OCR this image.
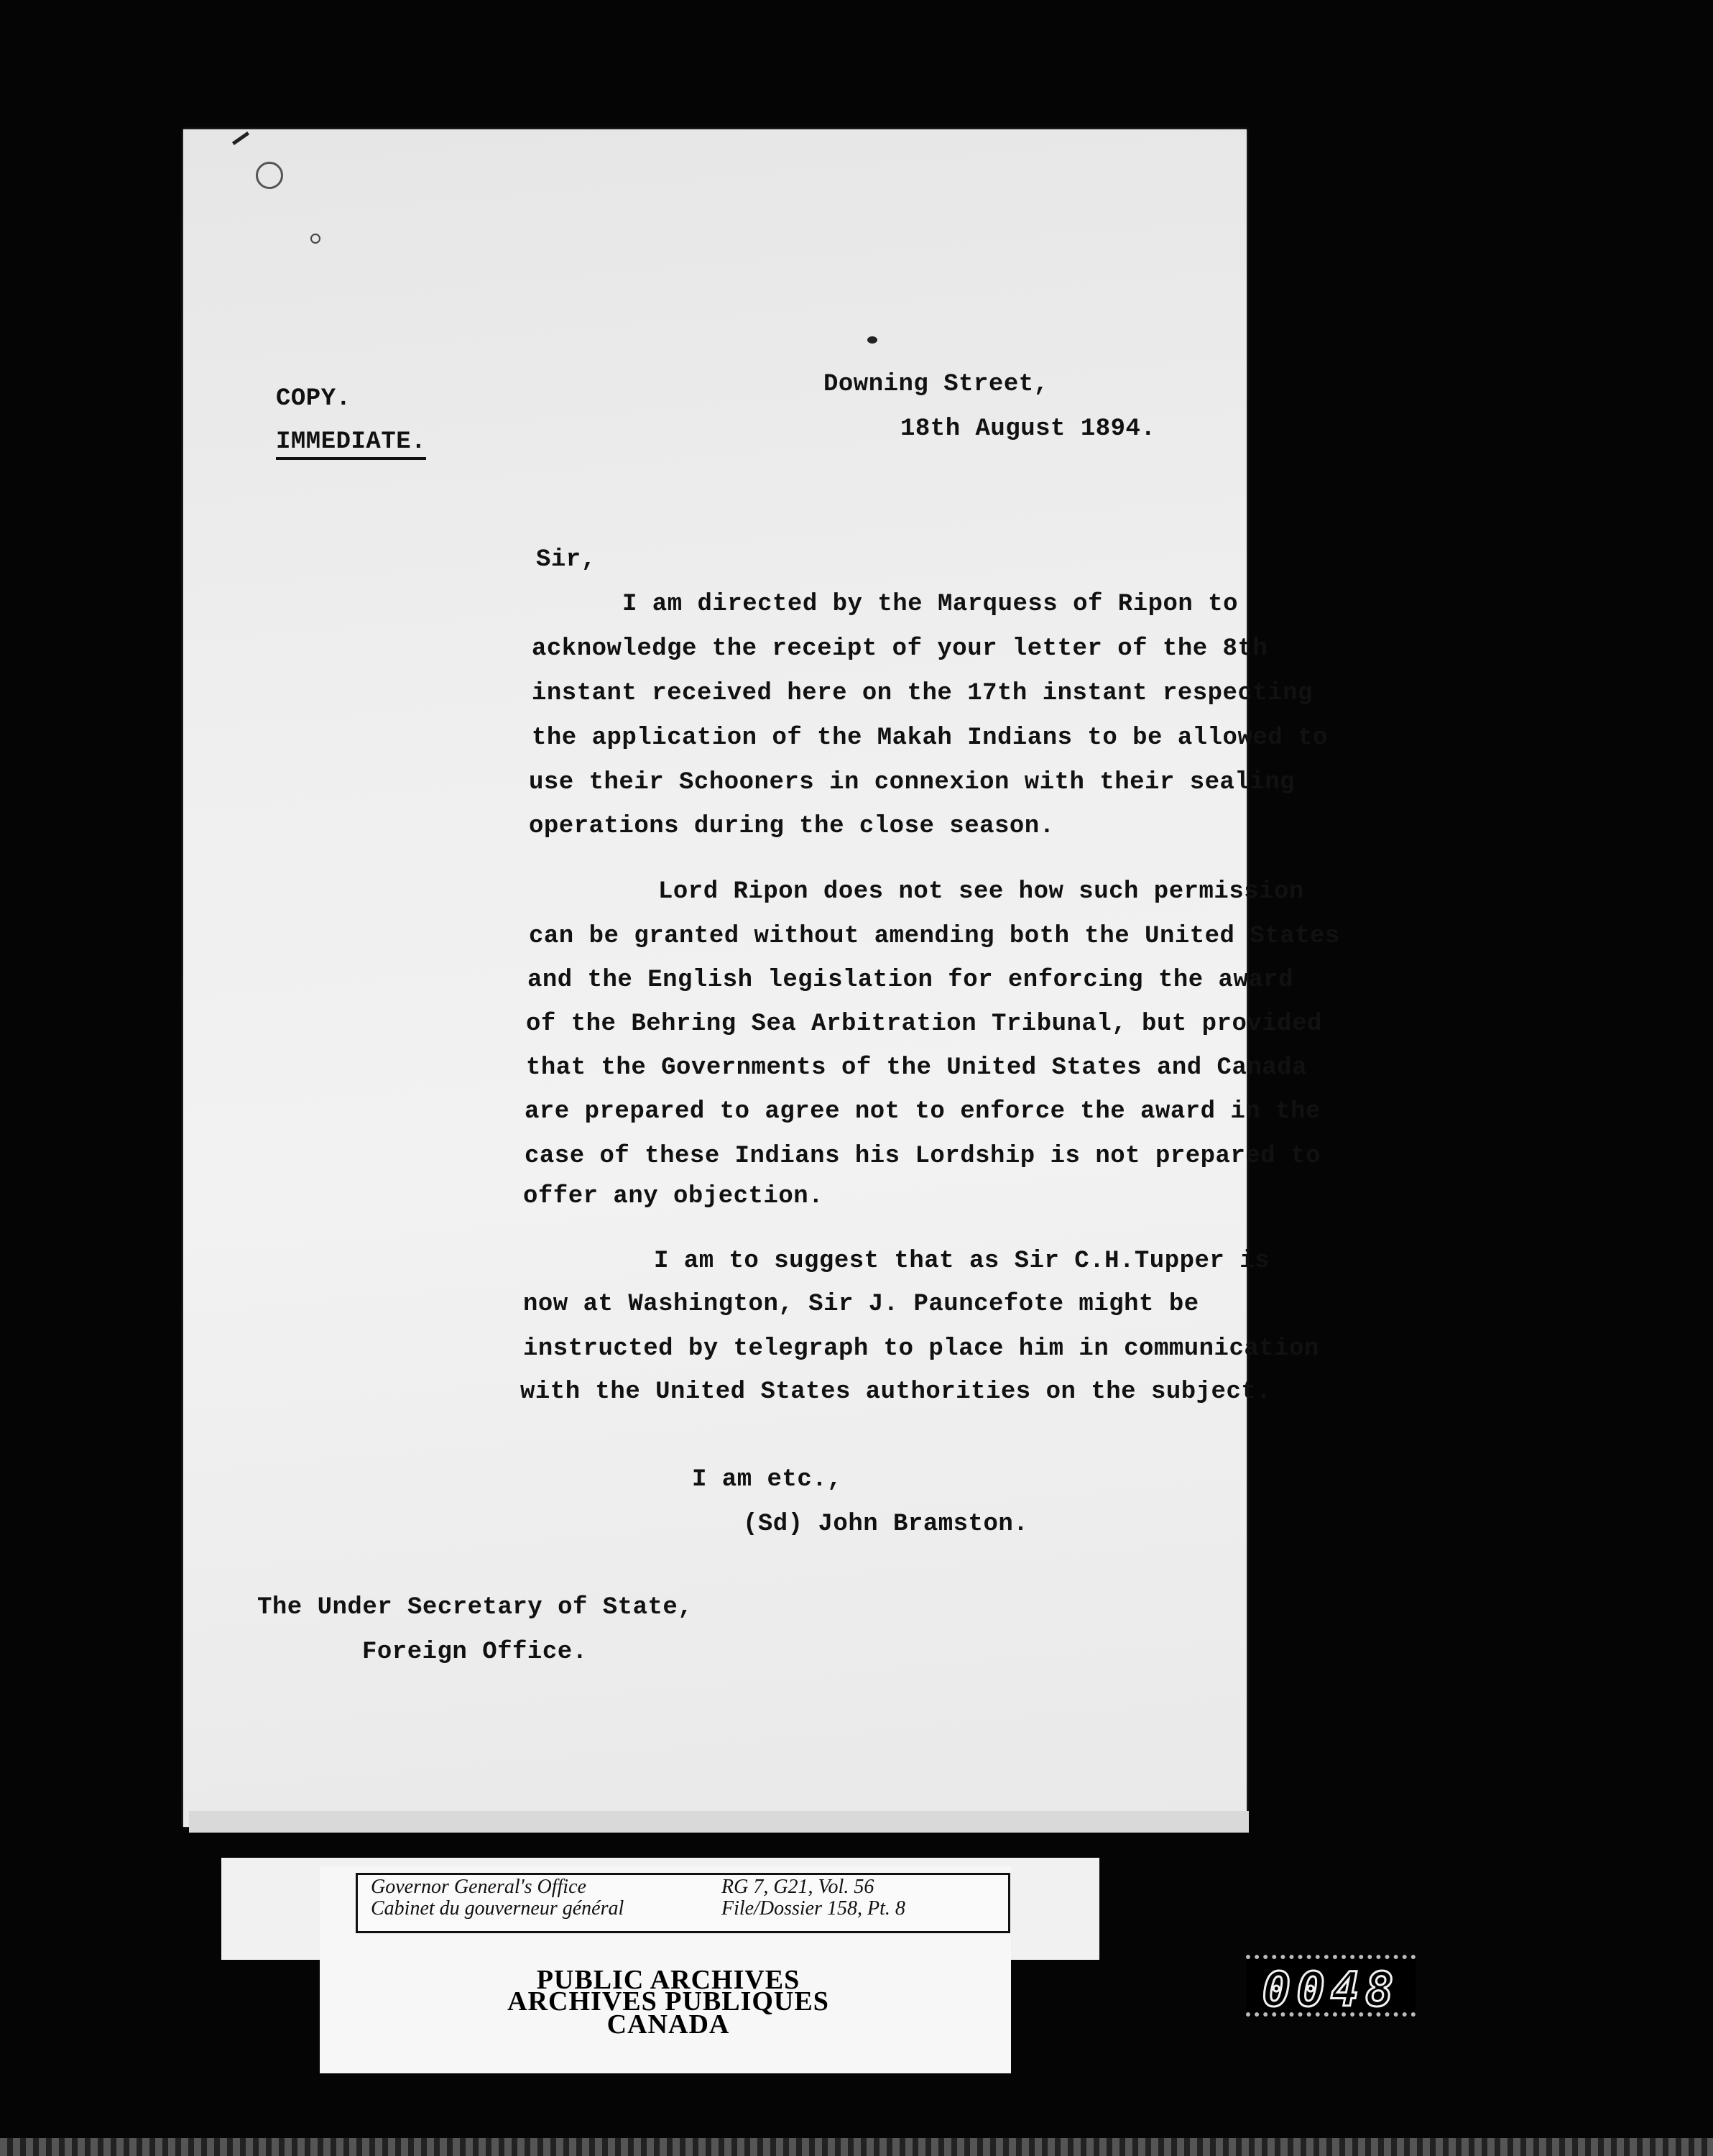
COPY.
IMMEDIATE.
Downing Street,
18th August 1894.
Sir,
I am directed by the Marquess of Ripon to
acknowledge the receipt of your letter of the 8th
instant received here on the 17th instant respecting
the application of the Makah Indians to be allowed to
use their Schooners in connexion with their sealing
operations during the close season.
Lord Ripon does not see how such permission
can be granted without amending both the United States
and the English legislation for enforcing the award
of the Behring Sea Arbitration Tribunal, but provided
that the Governments of the United States and Canada
are prepared to agree not to enforce the award in the
case of these Indians his Lordship is not prepared to
offer any objection.
I am to suggest that as Sir C.H.Tupper is
now at Washington, Sir J. Pauncefote might be
instructed by telegraph to place him in communication
with the United States authorities on the subject.
I am etc.,
(Sd) John Bramston.
The Under Secretary of State,
Foreign Office.
Governor General's Office
Cabinet du gouverneur général
RG 7, G21, Vol. 56
File/Dossier 158, Pt. 8
PUBLIC ARCHIVES
ARCHIVES PUBLIQUES
CANADA
0048
